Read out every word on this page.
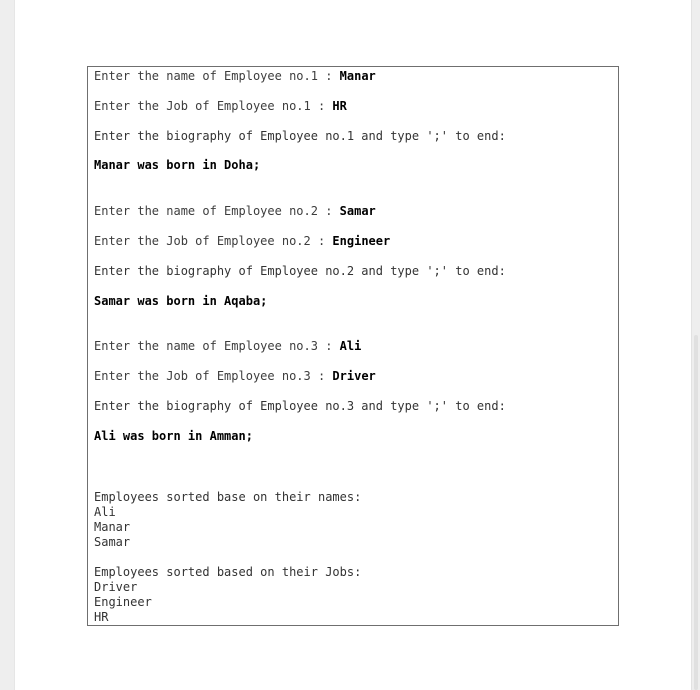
Enter the name of Employee no.1 : Manar
Enter the Job of Employee no.1 : HR
Enter the biography of Employee no.1 and type ';' to end:
Manar was born in Doha;
Enter the name of Employee no.2 : Samar
Enter the Job of Employee no.2 : Engineer
Enter the biography of Employee no.2 and type ';' to end:
Samar was born in Aqaba;
Enter the name of Employee no.3 : Ali
Enter the Job of Employee no.3 : Driver
Enter the biography of Employee no.3 and type ';' to end:
Ali was born in Amman;
Employees sorted base on their names:
Ali
Manar
Samar
Employees sorted based on their Jobs:
Driver
Engineer
HR
